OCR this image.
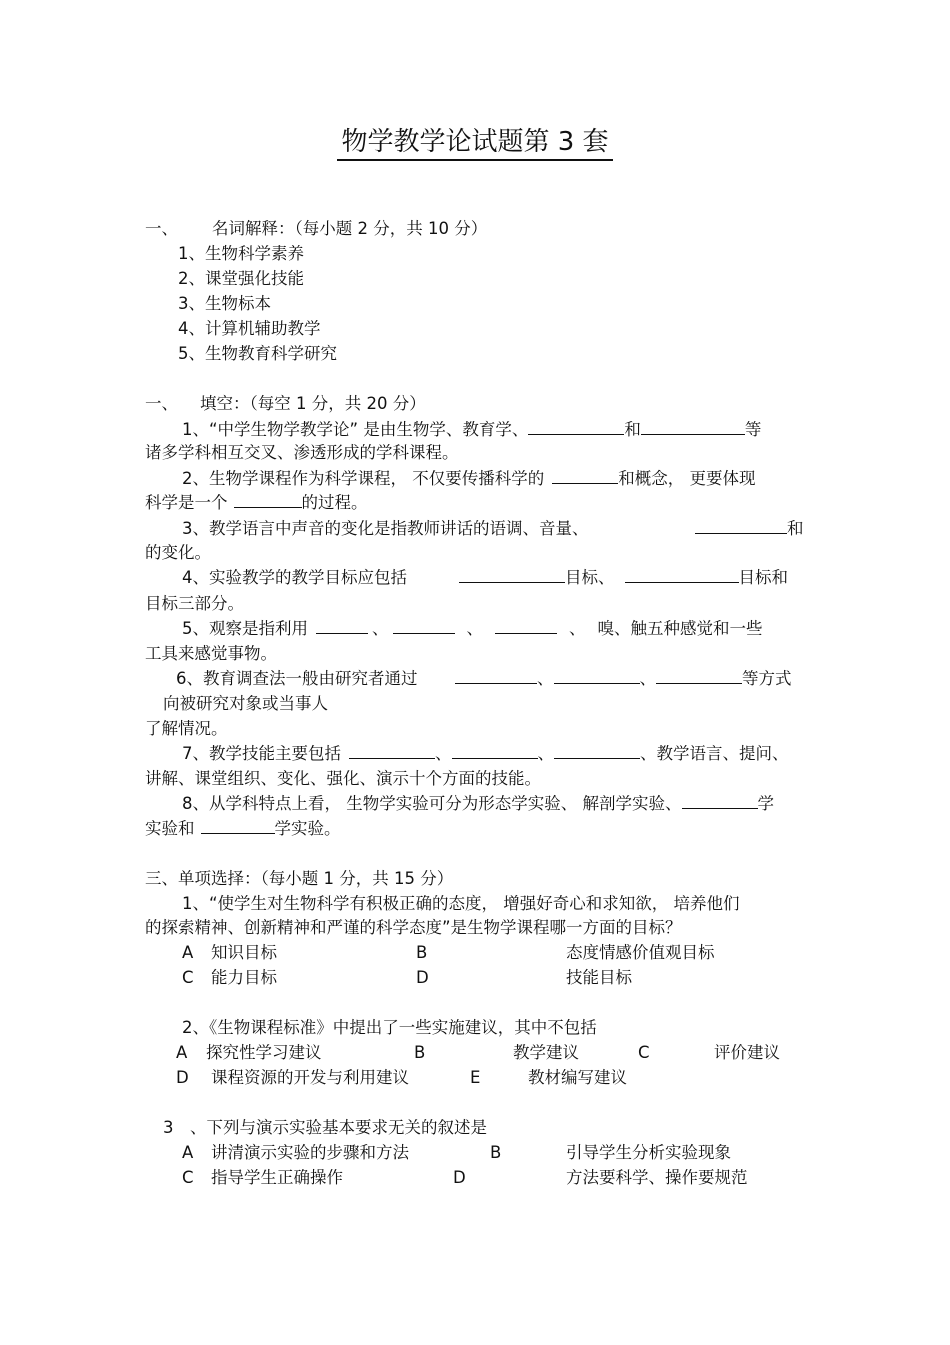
物学教学论试题第 3 套
一、 名词解释：（每小题 2 分，共 10 分）
1、生物科学素养
2、课堂强化技能
3、生物标本
4、计算机辅助教学
5、生物教育科学研究
一、 填空：（每空 1 分，共 20 分）
1、“中学生物学教学论” 是由生物学、教育学、	和	等
诸多学科相互交叉、渗透形成的学科课程。
2、生物学课程作为科学课程， 不仅要传播科学的	和概念， 更要体现
科学是一个	的过程。
3、教学语言中声音的变化是指教师讲话的语调、音量、	和
的变化。
4、实验教学的教学目标应包括	目标、	目标和
目标三部分。
5、观察是指利用	、	、	、 嗅、触五种感觉和一些
工具来感觉事物。
6、教育调查法一般由研究者通过	、	、	等方式
向被研究对象或当事人
了解情况。
7、教学技能主要包括	、	、	、教学语言、提问、
讲解、课堂组织、变化、强化、演示十个方面的技能。
8、从学科特点上看， 生物学实验可分为形态学实验、 解剖学实验、	学
实验和	学实验。
三、单项选择：（每小题 1 分，共 15 分）
1、“使学生对生物科学有积极正确的态度， 增强好奇心和求知欲， 培养他们
的探索精神、创新精神和严谨的科学态度”是生物学课程哪一方面的目标？
A 知识目标	B	态度情感价值观目标
C 能力目标	D	技能目标
2、《生物课程标准》中提出了一些实施建议，其中不包括
A 探究性学习建议	B	教学建议	C	评价建议
D 课程资源的开发与利用建议	E	教材编写建议
3 、下列与演示实验基本要求无关的叙述是
A 讲清演示实验的步骤和方法	B	引导学生分析实验现象
C 指导学生正确操作	D	方法要科学、操作要规范
